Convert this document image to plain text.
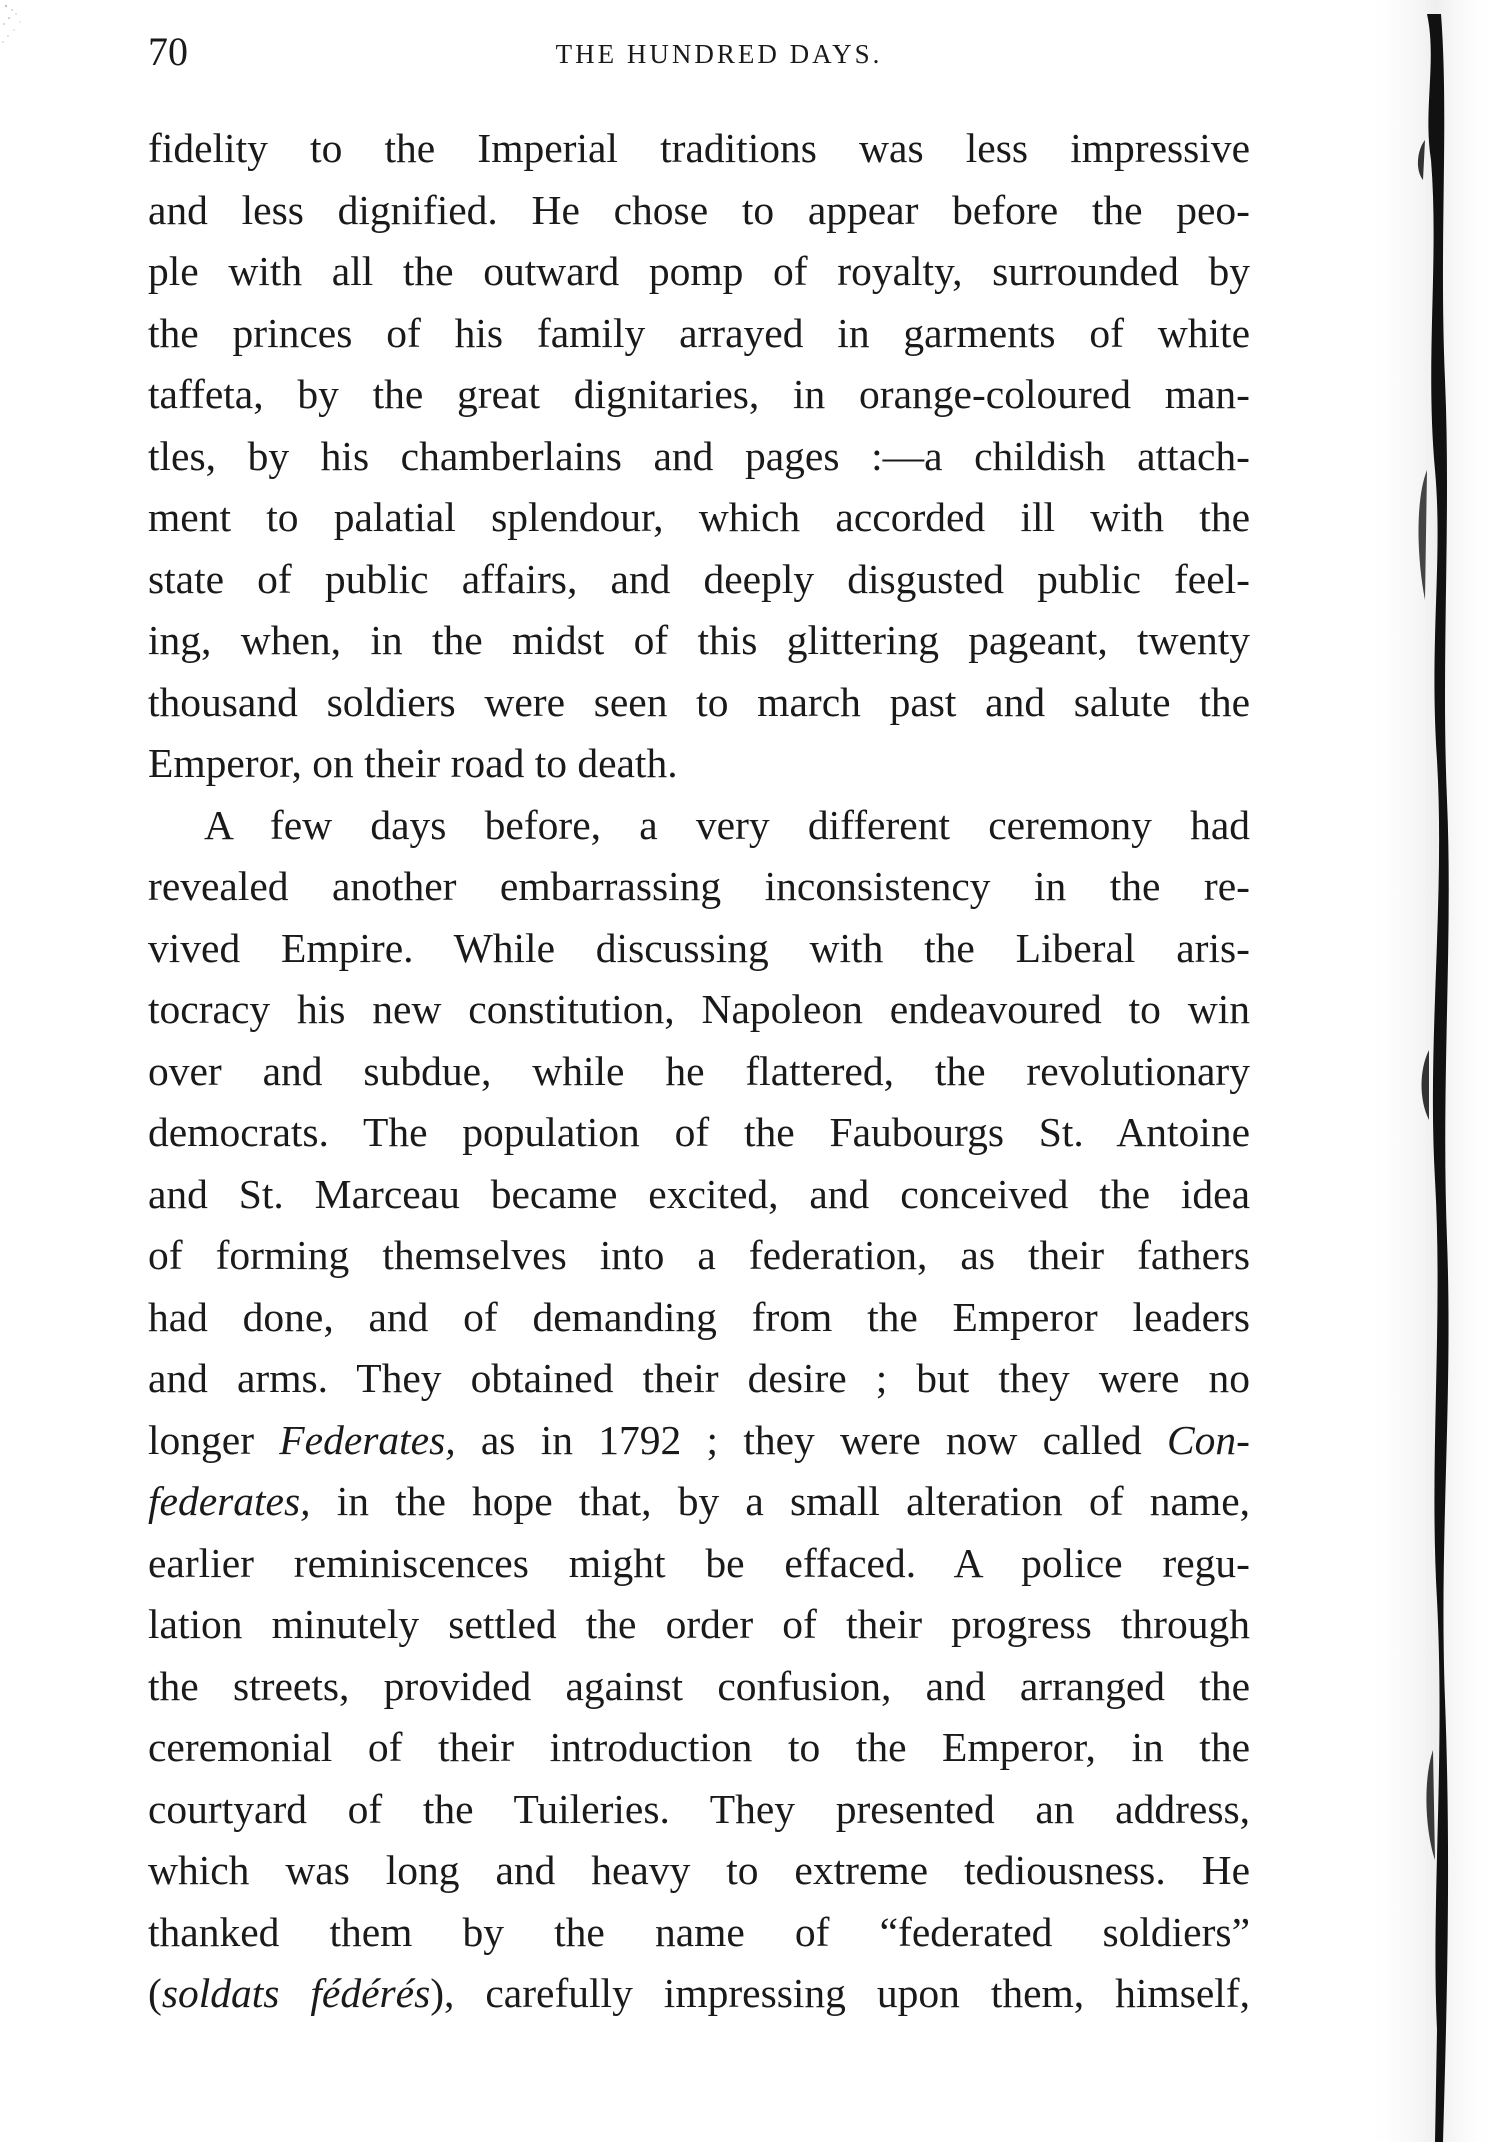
70	THE HUNDRED DAYS.
fidelity to the Imperial traditions was less impressive
and less dignified. He chose to appear before the peo-
ple with all the outward pomp of royalty, surrounded by
the princes of his family arrayed in garments of white
taffeta, by the great dignitaries, in orange-coloured man-
tles, by his chamberlains and pages :—a childish attach-
ment to palatial splendour, which accorded ill with the
state of public affairs, and deeply disgusted public feel-
ing, when, in the midst of this glittering pageant, twenty
thousand soldiers were seen to march past and salute the
Emperor, on their road to death.
A few days before, a very different ceremony had
revealed another embarrassing inconsistency in the re-
vived Empire. While discussing with the Liberal aris-
tocracy his new constitution, Napoleon endeavoured to win
over and subdue, while he flattered, the revolutionary
democrats. The population of the Faubourgs St. Antoine
and St. Marceau became excited, and conceived the idea
of forming themselves into a federation, as their fathers
had done, and of demanding from the Emperor leaders
and arms. They obtained their desire ; but they were no
longer Federates, as in 1792 ; they were now called Con-
federates, in the hope that, by a small alteration of name,
earlier reminiscences might be effaced. A police regu-
lation minutely settled the order of their progress through
the streets, provided against confusion, and arranged the
ceremonial of their introduction to the Emperor, in the
courtyard of the Tuileries. They presented an address,
which was long and heavy to extreme tediousness. He
thanked them by the name of “federated soldiers”
(soldats fédérés), carefully impressing upon them, himself,
